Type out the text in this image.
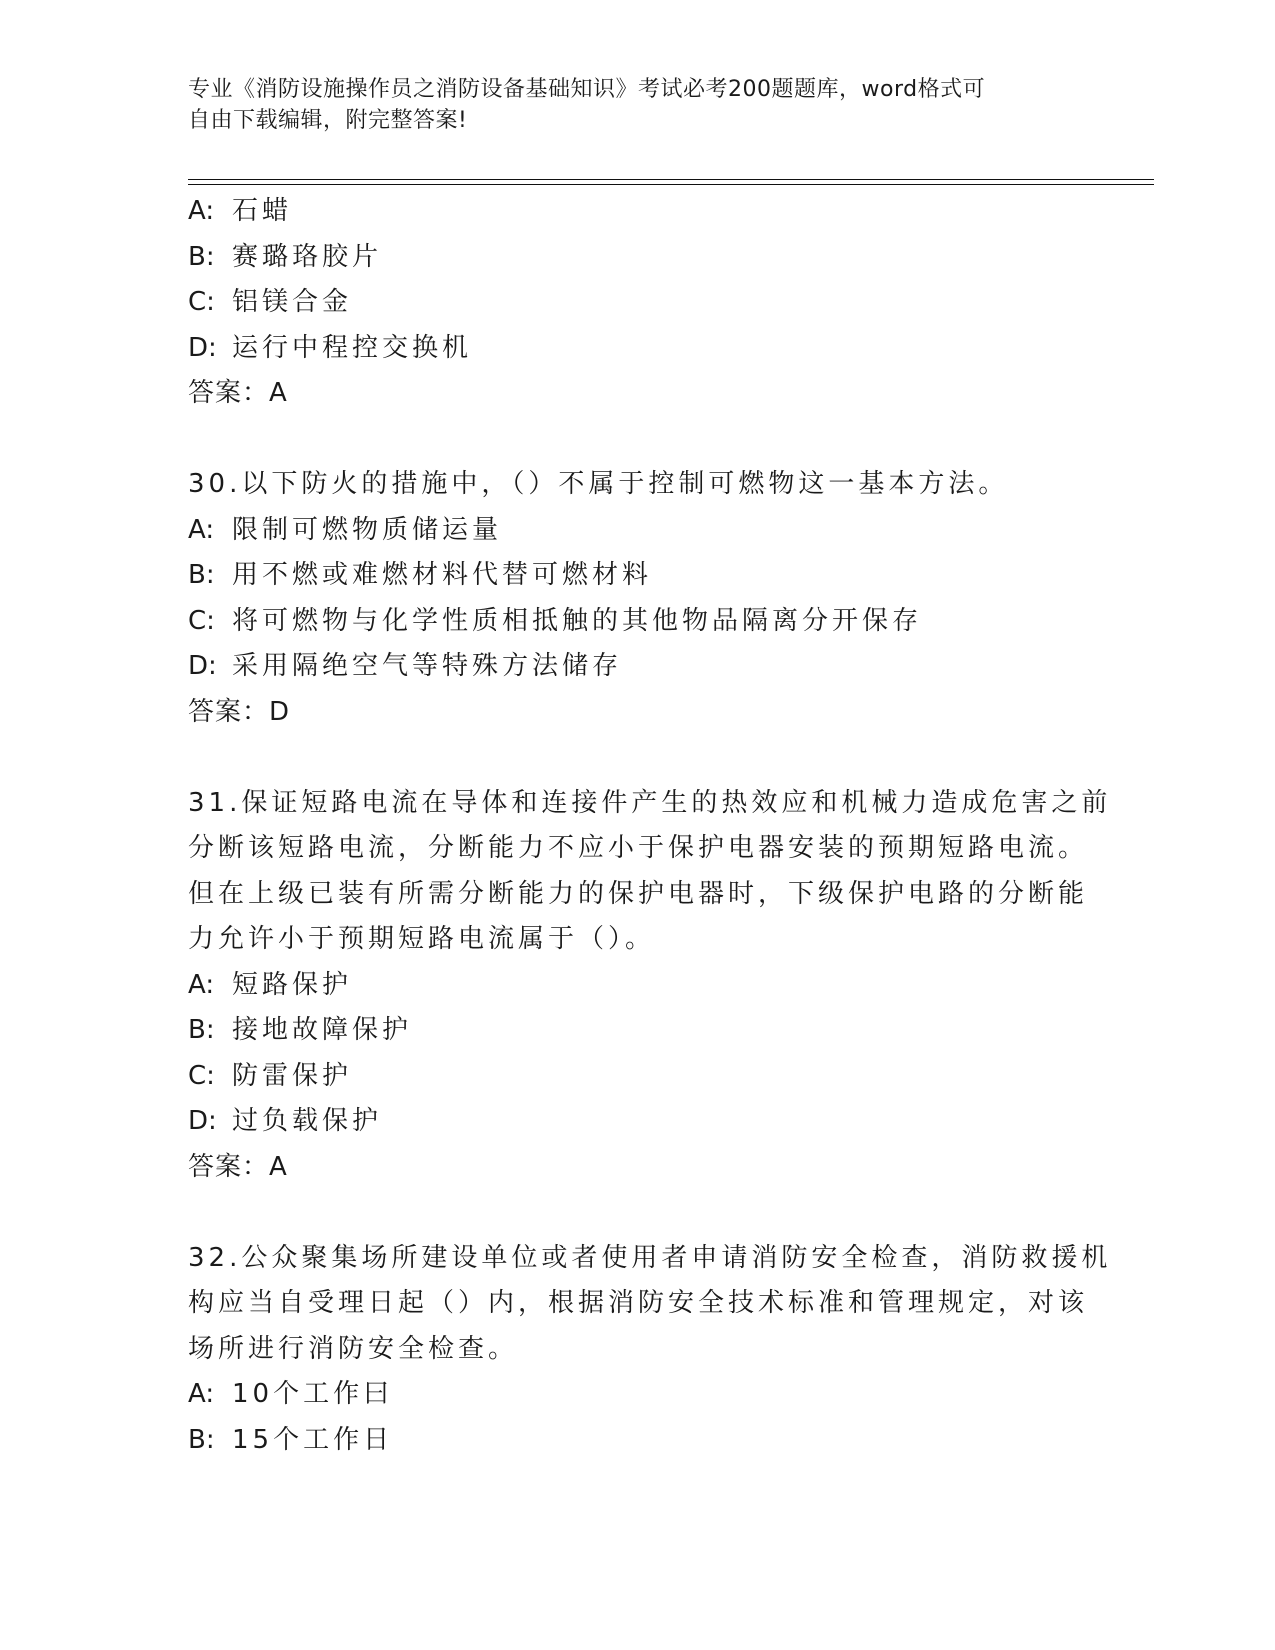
专业《消防设施操作员之消防设备基础知识》考试必考200题题库，word格式可
自由下载编辑，附完整答案!
A: 石蜡
B: 赛璐珞胶片
C: 铝镁合金
D: 运行中程控交换机
答案：A
30.以下防火的措施中，（）不属于控制可燃物这一基本方法。
A: 限制可燃物质储运量
B: 用不燃或难燃材料代替可燃材料
C: 将可燃物与化学性质相抵触的其他物品隔离分开保存
D: 采用隔绝空气等特殊方法储存
答案：D
31.保证短路电流在导体和连接件产生的热效应和机械力造成危害之前
分断该短路电流，分断能力不应小于保护电器安装的预期短路电流。
但在上级已装有所需分断能力的保护电器时，下级保护电路的分断能
力允许小于预期短路电流属于（）。
A: 短路保护
B: 接地故障保护
C: 防雷保护
D: 过负载保护
答案：A
32.公众聚集场所建设单位或者使用者申请消防安全检查，消防救援机
构应当自受理日起（）内，根据消防安全技术标准和管理规定，对该
场所进行消防安全检查。
A: 10个工作曰
B: 15个工作日
